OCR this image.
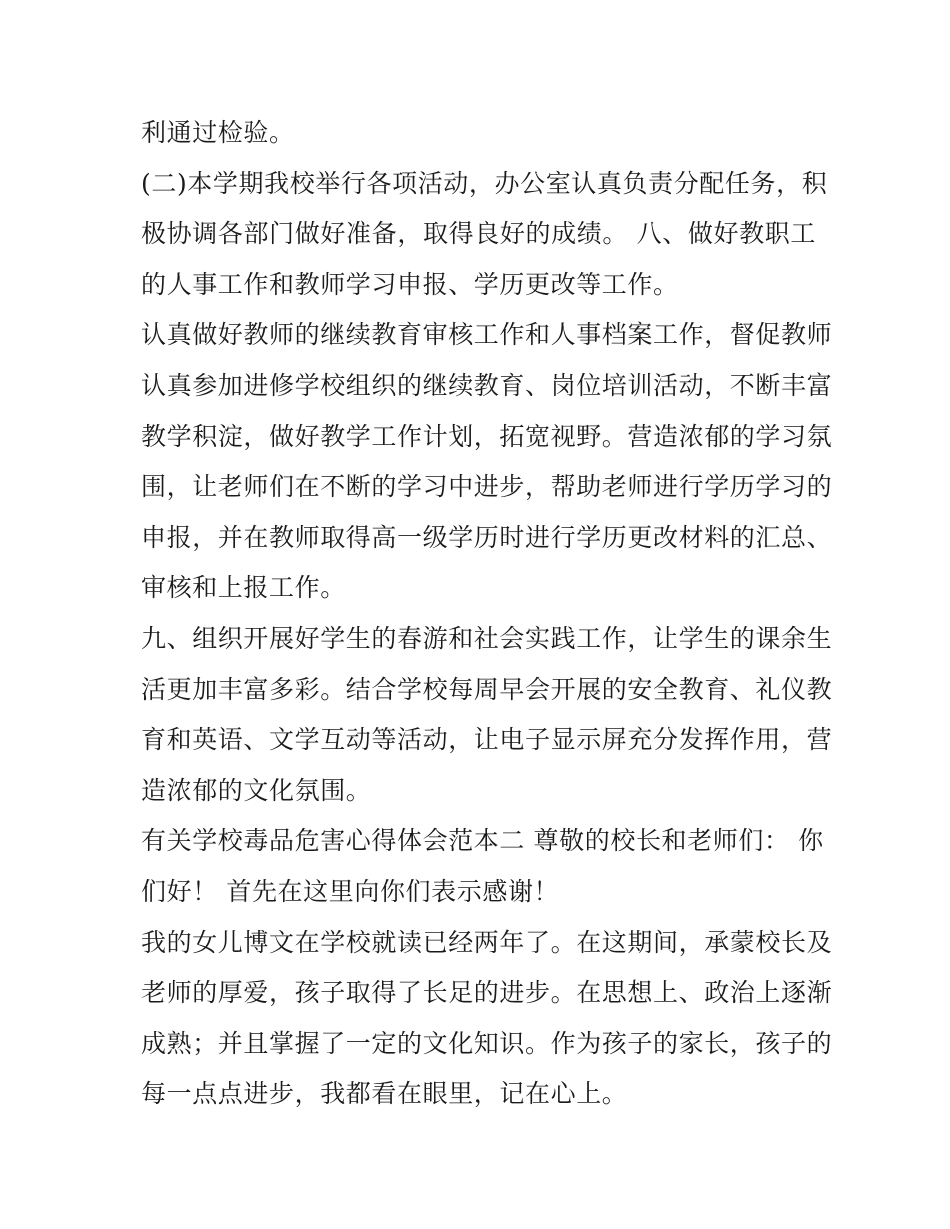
利通过检验。
(二)本学期我校举行各项活动，办公室认真负责分配任务，积
极协调各部门做好准备，取得良好的成绩。 八、做好教职工
的人事工作和教师学习申报、学历更改等工作。
认真做好教师的继续教育审核工作和人事档案工作，督促教师
认真参加进修学校组织的继续教育、岗位培训活动，不断丰富
教学积淀，做好教学工作计划，拓宽视野。营造浓郁的学习氛
围，让老师们在不断的学习中进步，帮助老师进行学历学习的
申报，并在教师取得高一级学历时进行学历更改材料的汇总、
审核和上报工作。
九、组织开展好学生的春游和社会实践工作，让学生的课余生
活更加丰富多彩。结合学校每周早会开展的安全教育、礼仪教
育和英语、文学互动等活动，让电子显示屏充分发挥作用，营
造浓郁的文化氛围。
有关学校毒品危害心得体会范本二 尊敬的校长和老师们： 你
们好！ 首先在这里向你们表示感谢！
我的女儿博文在学校就读已经两年了。在这期间，承蒙校长及
老师的厚爱，孩子取得了长足的进步。在思想上、政治上逐渐
成熟；并且掌握了一定的文化知识。作为孩子的家长，孩子的
每一点点进步，我都看在眼里，记在心上。
